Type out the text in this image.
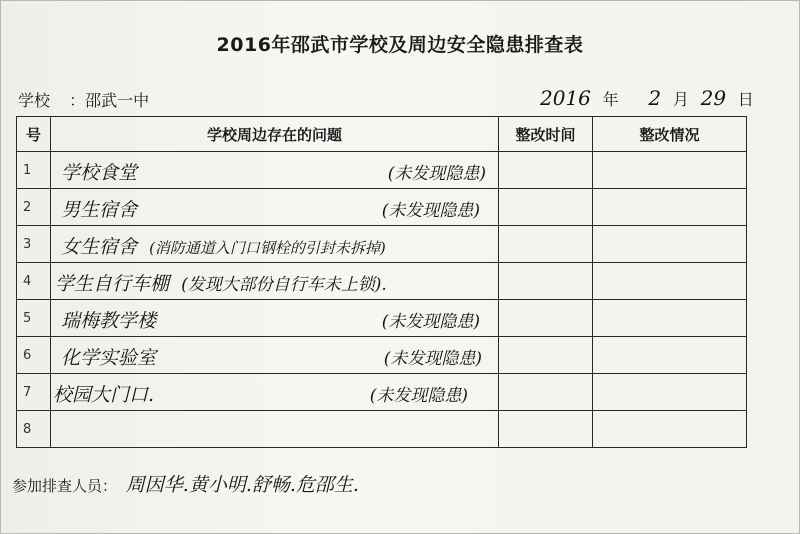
2016年邵武市学校及周边安全隐患排查表
学校 ：邵武一中	2016 年 2 月 29 日
号	学校周边存在的问题	整改时间	整改情况
1	学校食堂 (未发现隐患)		

2	男生宿舍 (未发现隐患)		

3	女生宿舍 (消防通道入门口钢栓的引封未拆掉)		

4	学生自行车棚 (发现大部份自行车未上锁).		

5	瑞梅教学楼 (未发现隐患)		

6	化学实验室 (未发现隐患)		

7	校园大门口. (未发现隐患)		

8	

参加排查人员： 周因华.黄小明.舒畅.危邵生.
